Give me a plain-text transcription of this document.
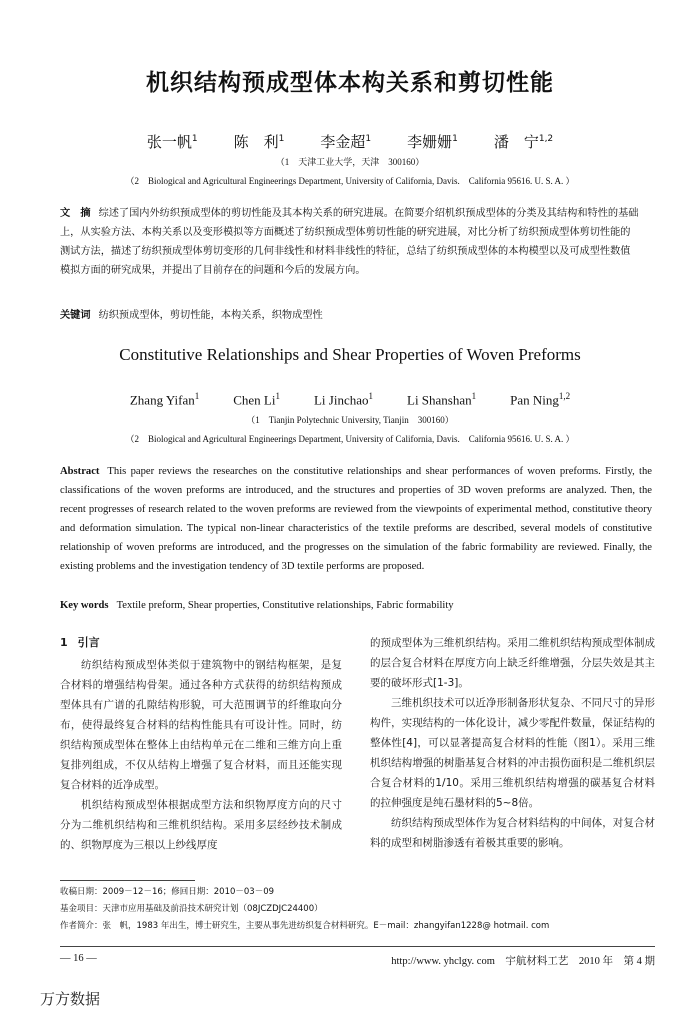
机织结构预成型体本构关系和剪切性能
张一帆$^1$ 陈　利$^1$ 李金超$^1$ 李姗姗$^1$ 潘　宁$^{1,2}$
（1　天津工业大学，天津　300160）
（2　Biological and Agricultural Engineerings Department, University of California, Davis.　California 95616. U. S. A. ）
文　摘 综述了国内外纺织预成型体的剪切性能及其本构关系的研究进展。在简要介绍机织预成型体的分类及其结构和特性的基础上，从实验方法、本构关系以及变形模拟等方面概述了纺织预成型体剪切性能的研究进展，对比分析了纺织预成型体剪切性能的测试方法，描述了纺织预成型体剪切变形的几何非线性和材料非线性的特征，总结了纺织预成型体的本构模型以及可成型性数值模拟方面的研究成果，并提出了目前存在的问题和今后的发展方向。
关键词 纺织预成型体，剪切性能，本构关系，织物成型性
Constitutive Relationships and Shear Properties of Woven Preforms
Zhang Yifan$^1$	Chen Li$^1$	Li Jinchao$^1$	Li Shanshan$^1$	Pan Ning$^{1,2}$
（1　Tianjin Polytechnic University, Tianjin　300160）
（2　Biological and Agricultural Engineerings Department, University of California, Davis.　California 95616. U. S. A. ）
Abstract This paper reviews the researches on the constitutive relationships and shear performances of woven preforms. Firstly, the classifications of the woven preforms are introduced, and the structures and properties of 3D woven preforms are analyzed. Then, the recent progresses of research related to the woven preforms are reviewed from the viewpoints of experimental method, constitutive theory and deformation simulation. The typical non-linear characteristics of the textile preforms are described, several models of constitutive relationship of woven preforms are introduced, and the progresses on the simulation of the fabric formability are reviewed. Finally, the existing problems and the investigation tendency of 3D textile performs are proposed.
Key words Textile preform, Shear properties, Constitutive relationships, Fabric formability
1 引言

纺织结构预成型体类似于建筑物中的钢结构框架，是复合材料的增强结构骨架。通过各种方式获得的纺织结构预成型体具有广谱的孔隙结构形貌，可大范围调节的纤维取向分布，使得最终复合材料的结构性能具有可设计性。同时，纺织结构预成型体在整体上由结构单元在二维和三维方向上重复排列组成，不仅从结构上增强了复合材料，而且还能实现复合材料的近净成型。

机织结构预成型体根据成型方法和织物厚度方向的尺寸分为二维机织结构和三维机织结构。采用多层经纱技术制成的、织物厚度为三根以上纱线厚度

的预成型体为三维机织结构。采用二维机织结构预成型体制成的层合复合材料在厚度方向上缺乏纤维增强，分层失效是其主要的破坏形式[1-3]。

三维机织技术可以近净形制备形状复杂、不同尺寸的异形构件，实现结构的一体化设计，减少零配件数量，保证结构的整体性[4]，可以显著提高复合材料的性能（图1）。采用三维机织结构增强的树脂基复合材料的冲击损伤面积是二维机织层合复合材料的1/10。采用三维机织结构增强的碳基复合材料的拉伸强度是纯石墨材料的5~8倍。

纺织结构预成型体作为复合材料结构的中间体，对复合材料的成型和树脂渗透有着极其重要的影响。

收稿日期：2009－12－16；修回日期：2010－03－09
基金项目：天津市应用基础及前沿技术研究计划（08JCZDJC24400）
作者简介：张　帆，1983 年出生，博士研究生，主要从事先进纺织复合材料研究。E－mail：zhangyifan1228@ hotmail. com
— 16 —	http://www. yhclgy. com　宇航材料工艺　2010 年　第 4 期
万方数据
